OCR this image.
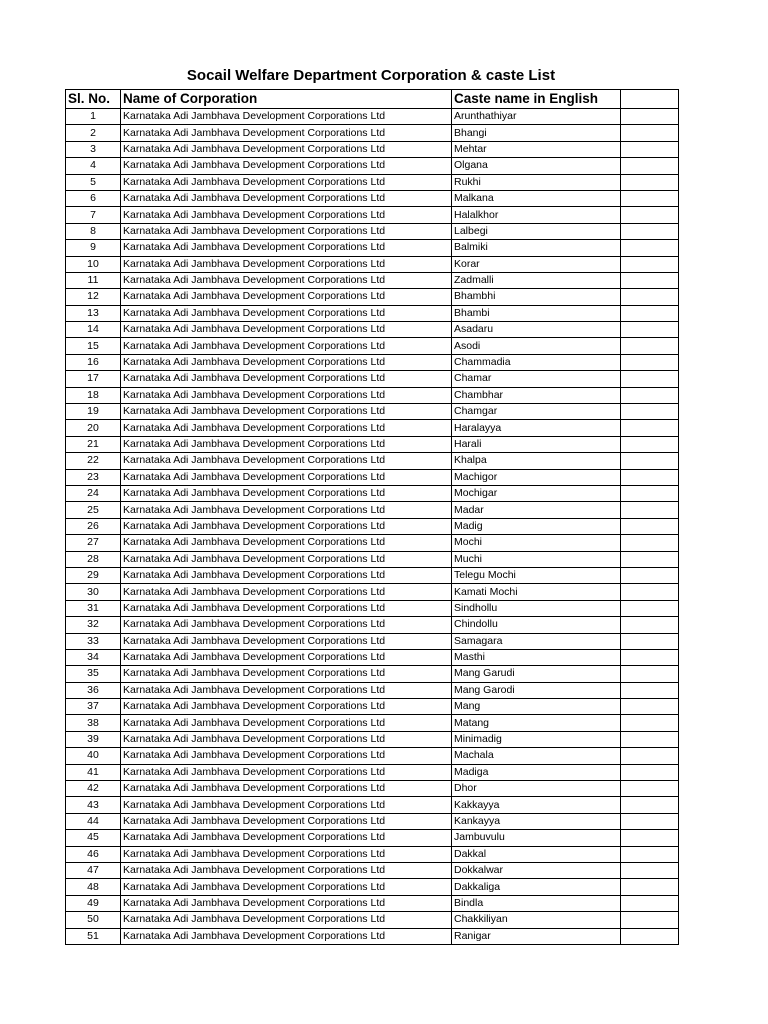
Socail Welfare Department Corporation & caste List
Sl. No.	Name of Corporation	Caste name in English	
1	Karnataka Adi Jambhava Development Corporations Ltd	Arunthathiyar	
2	Karnataka Adi Jambhava Development Corporations Ltd	Bhangi	
3	Karnataka Adi Jambhava Development Corporations Ltd	Mehtar	
4	Karnataka Adi Jambhava Development Corporations Ltd	Olgana	
5	Karnataka Adi Jambhava Development Corporations Ltd	Rukhi	
6	Karnataka Adi Jambhava Development Corporations Ltd	Malkana	
7	Karnataka Adi Jambhava Development Corporations Ltd	Halalkhor	
8	Karnataka Adi Jambhava Development Corporations Ltd	Lalbegi	
9	Karnataka Adi Jambhava Development Corporations Ltd	Balmiki	
10	Karnataka Adi Jambhava Development Corporations Ltd	Korar	
11	Karnataka Adi Jambhava Development Corporations Ltd	Zadmalli	
12	Karnataka Adi Jambhava Development Corporations Ltd	Bhambhi	
13	Karnataka Adi Jambhava Development Corporations Ltd	Bhambi	
14	Karnataka Adi Jambhava Development Corporations Ltd	Asadaru	
15	Karnataka Adi Jambhava Development Corporations Ltd	Asodi	
16	Karnataka Adi Jambhava Development Corporations Ltd	Chammadia	
17	Karnataka Adi Jambhava Development Corporations Ltd	Chamar	
18	Karnataka Adi Jambhava Development Corporations Ltd	Chambhar	
19	Karnataka Adi Jambhava Development Corporations Ltd	Chamgar	
20	Karnataka Adi Jambhava Development Corporations Ltd	Haralayya	
21	Karnataka Adi Jambhava Development Corporations Ltd	Harali	
22	Karnataka Adi Jambhava Development Corporations Ltd	Khalpa	
23	Karnataka Adi Jambhava Development Corporations Ltd	Machigor	
24	Karnataka Adi Jambhava Development Corporations Ltd	Mochigar	
25	Karnataka Adi Jambhava Development Corporations Ltd	Madar	
26	Karnataka Adi Jambhava Development Corporations Ltd	Madig	
27	Karnataka Adi Jambhava Development Corporations Ltd	Mochi	
28	Karnataka Adi Jambhava Development Corporations Ltd	Muchi	
29	Karnataka Adi Jambhava Development Corporations Ltd	Telegu Mochi	
30	Karnataka Adi Jambhava Development Corporations Ltd	Kamati Mochi	
31	Karnataka Adi Jambhava Development Corporations Ltd	Sindhollu	
32	Karnataka Adi Jambhava Development Corporations Ltd	Chindollu	
33	Karnataka Adi Jambhava Development Corporations Ltd	Samagara	
34	Karnataka Adi Jambhava Development Corporations Ltd	Masthi	
35	Karnataka Adi Jambhava Development Corporations Ltd	Mang Garudi	
36	Karnataka Adi Jambhava Development Corporations Ltd	Mang Garodi	
37	Karnataka Adi Jambhava Development Corporations Ltd	Mang	
38	Karnataka Adi Jambhava Development Corporations Ltd	Matang	
39	Karnataka Adi Jambhava Development Corporations Ltd	Minimadig	
40	Karnataka Adi Jambhava Development Corporations Ltd	Machala	
41	Karnataka Adi Jambhava Development Corporations Ltd	Madiga	
42	Karnataka Adi Jambhava Development Corporations Ltd	Dhor	
43	Karnataka Adi Jambhava Development Corporations Ltd	Kakkayya	
44	Karnataka Adi Jambhava Development Corporations Ltd	Kankayya	
45	Karnataka Adi Jambhava Development Corporations Ltd	Jambuvulu	
46	Karnataka Adi Jambhava Development Corporations Ltd	Dakkal	
47	Karnataka Adi Jambhava Development Corporations Ltd	Dokkalwar	
48	Karnataka Adi Jambhava Development Corporations Ltd	Dakkaliga	
49	Karnataka Adi Jambhava Development Corporations Ltd	Bindla	
50	Karnataka Adi Jambhava Development Corporations Ltd	Chakkiliyan	
51	Karnataka Adi Jambhava Development Corporations Ltd	Ranigar	
